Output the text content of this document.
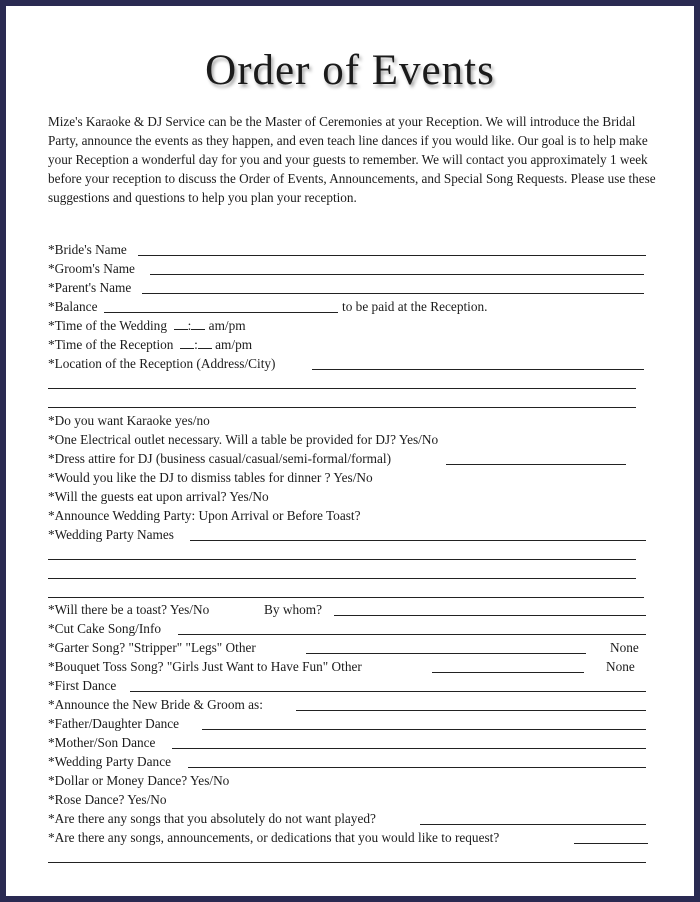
Order of Events
Mize's Karaoke & DJ Service can be the Master of Ceremonies at your Reception. We will introduce the Bridal Party, announce the events as they happen, and even teach line dances if you would like. Our goal is to help make your Reception a wonderful day for you and your guests to remember. We will contact you approximately 1 week before your reception to discuss the Order of Events, Announcements, and Special Song Requests. Please use these suggestions and questions to help you plan your reception.
*Bride's Name
*Groom's Name
*Parent's Name
*Balance	to be paid at the Reception.
*Time of the Wedding : am/pm
*Time of the Reception : am/pm
*Location of the Reception (Address/City)
*Do you want Karaoke yes/no
*One Electrical outlet necessary. Will a table be provided for DJ? Yes/No
*Dress attire for DJ (business casual/casual/semi-formal/formal)
*Would you like the DJ to dismiss tables for dinner ? Yes/No
*Will the guests eat upon arrival? Yes/No
*Announce Wedding Party: Upon Arrival or Before Toast?
*Wedding Party Names
*Will there be a toast? Yes/No	By whom?
*Cut Cake Song/Info
*Garter Song? "Stripper" "Legs" Other	None
*Bouquet Toss Song? "Girls Just Want to Have Fun" Other	None
*First Dance
*Announce the New Bride & Groom as:
*Father/Daughter Dance
*Mother/Son Dance
*Wedding Party Dance
*Dollar or Money Dance? Yes/No
*Rose Dance? Yes/No
*Are there any songs that you absolutely do not want played?
*Are there any songs, announcements, or dedications that you would like to request?
